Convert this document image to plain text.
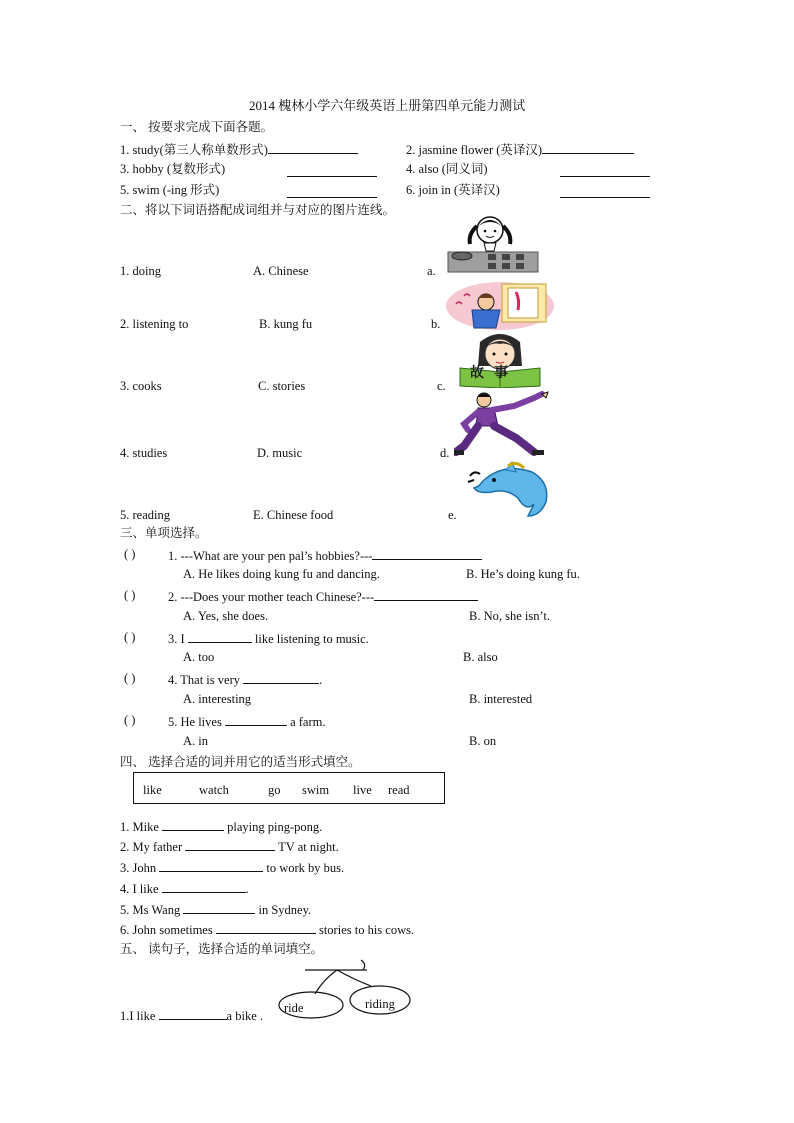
2014 槐林小学六年级英语上册第四单元能力测试
一、 按要求完成下面各题。
1. study(第三人称单数形式)	2. jasmine flower (英译汉)
3. hobby (复数形式)	4. also (同义词)
5. swim (-ing 形式)	6. join in (英译汉)
二、将以下词语搭配成词组并与对应的图片连线。
1. doing	A. Chinese	a.
2. listening to	B. kung fu	b.
3. cooks	C. stories	c.
4. studies	D. music	d.
5. reading	E. Chinese food	e.
故事
三、单项选择。
( )	1. ---What are your pen pal’s hobbies?---
A. He likes doing kung fu and dancing.	B. He’s doing kung fu.
( )	2. ---Does your mother teach Chinese?---
A. Yes, she does.	B. No, she isn’t.
( )	3. I	like listening to music.
A. too	B. also
( )	4. That is very	.
A. interesting	B. interested
( )	5. He lives	a farm.
A. in	B. on
四、 选择合适的词并用它的适当形式填空。
like	watch	go swim live read
1. Mike	playing ping-pong.
2. My father	TV at night.
3. John	to work by bus.
4. I like	.
5. Ms Wang	in Sydney.
6. John sometimes	stories to his cows.
五、 读句子，选择合适的单词填空。
1.I like	a bike .
ride	riding
